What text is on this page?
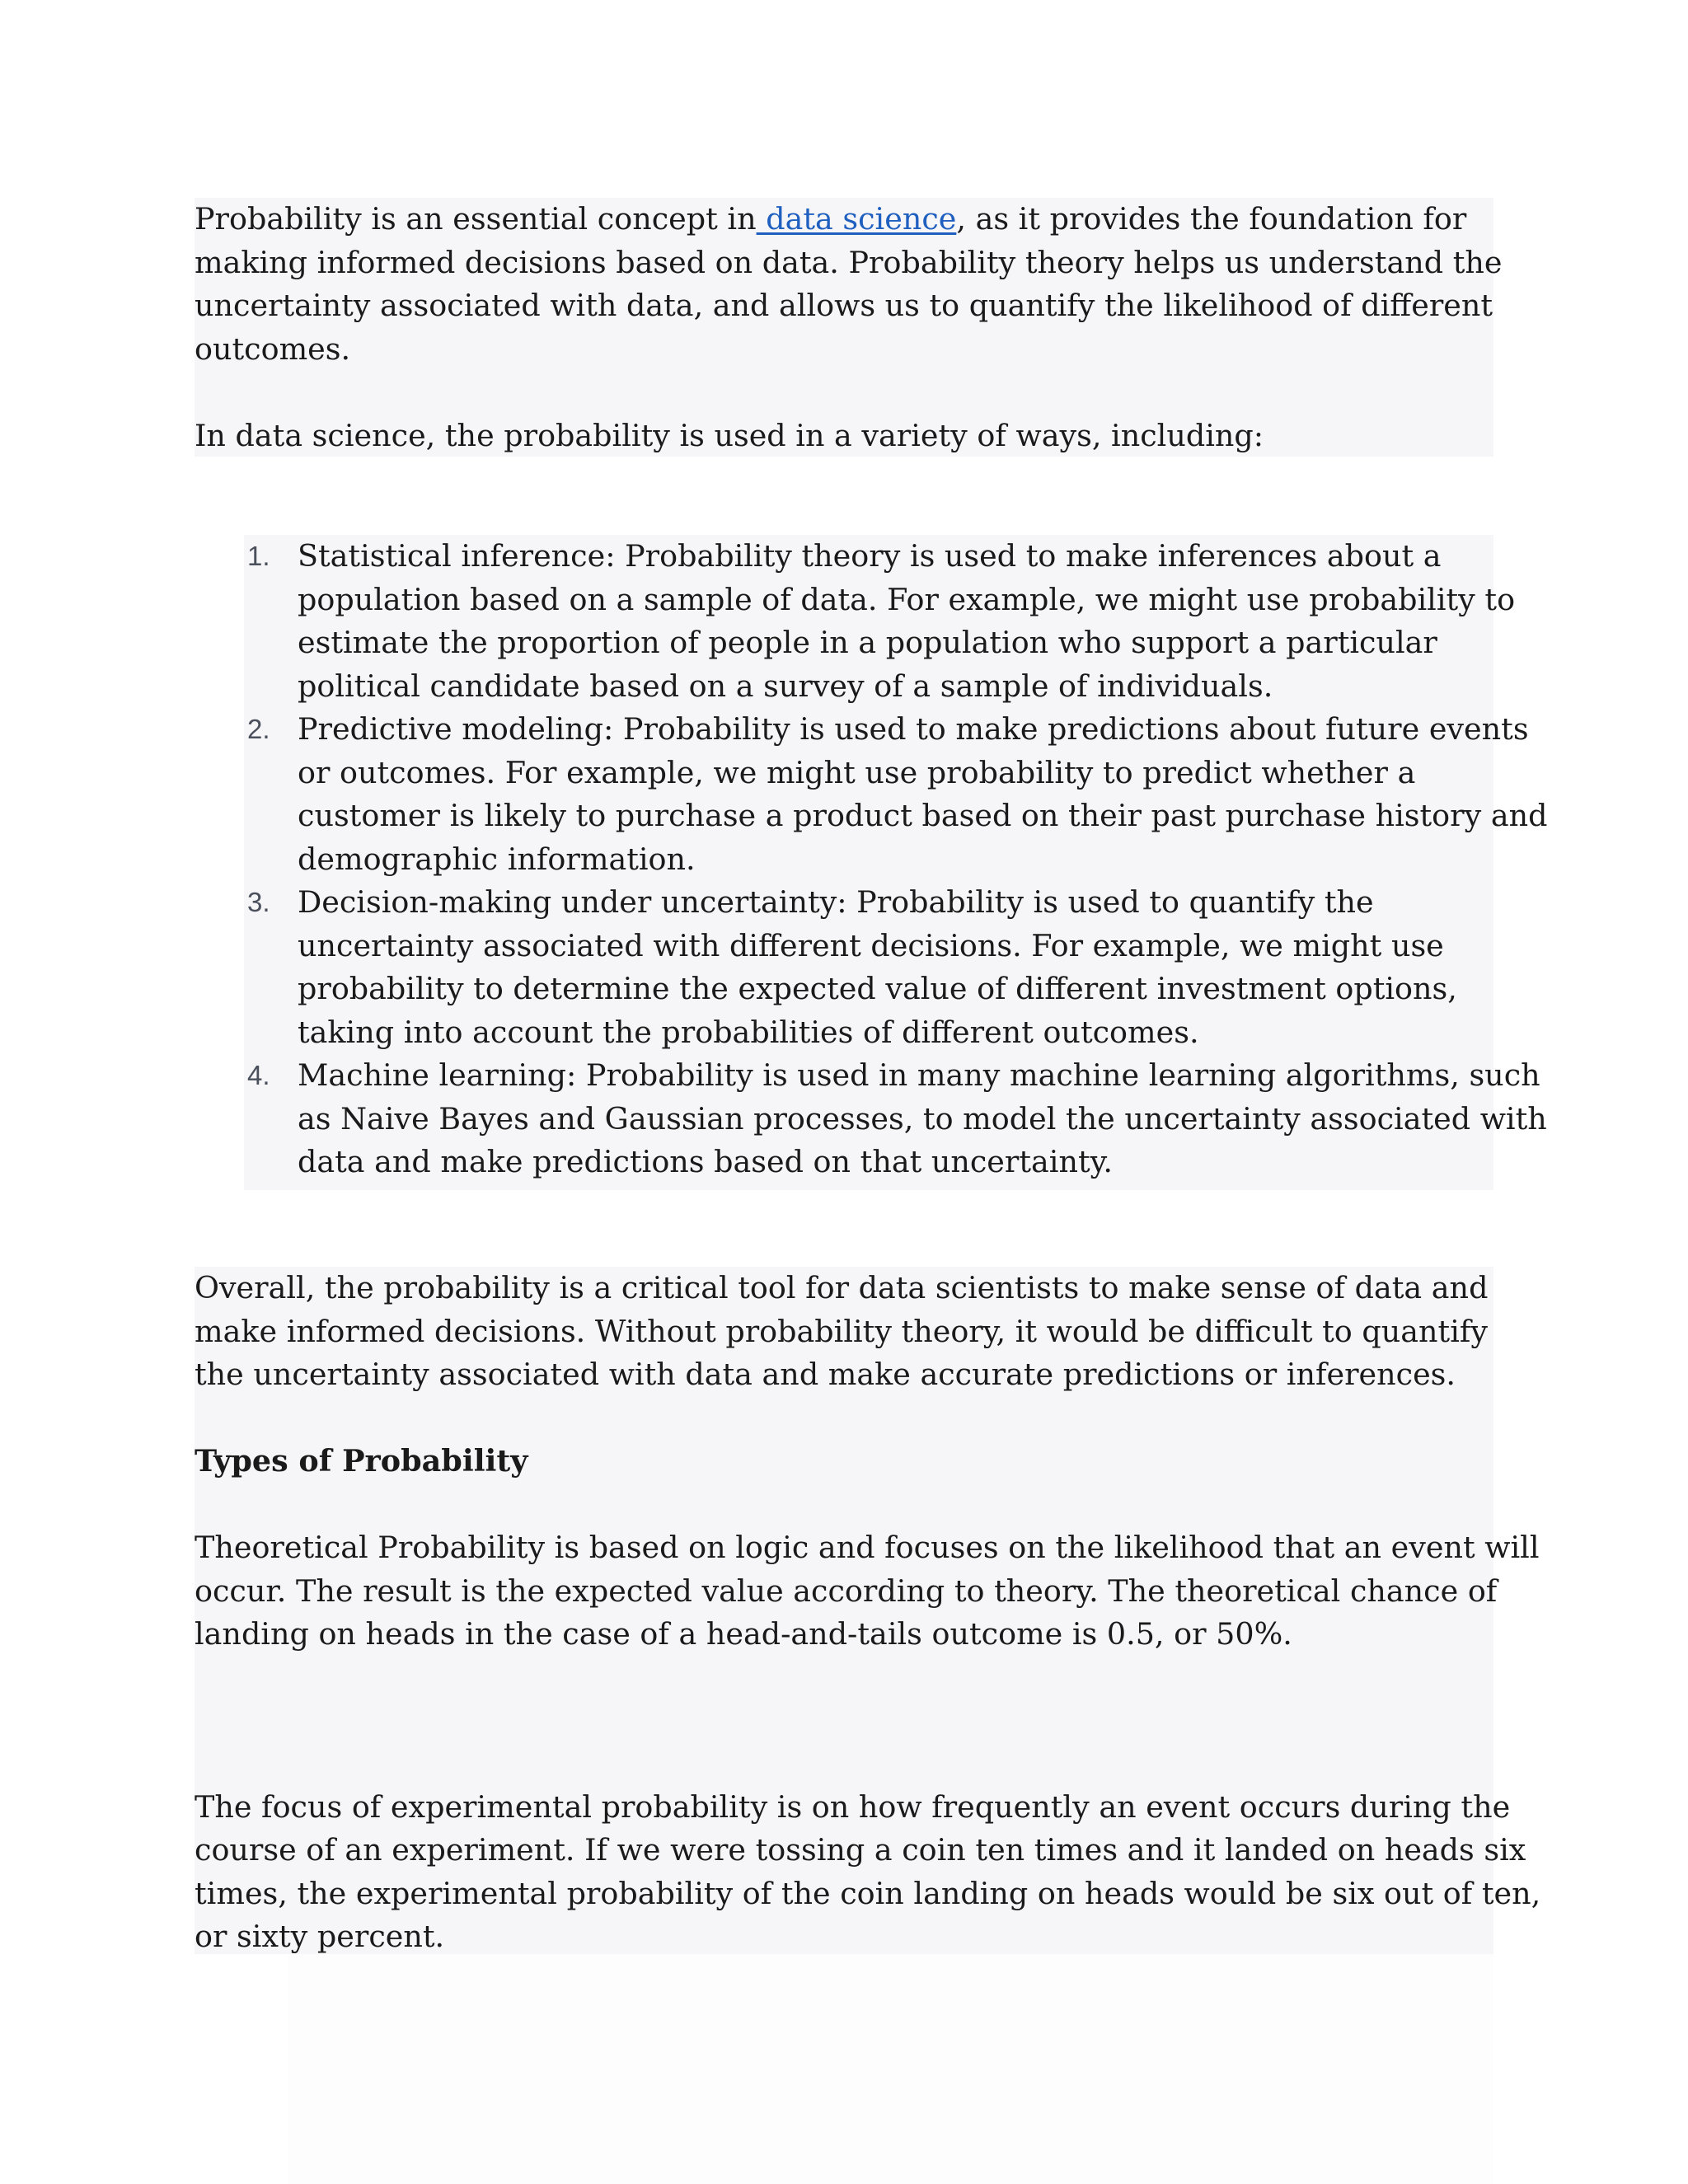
Probability is an essential concept in data science, as it provides the foundation for

making informed decisions based on data. Probability theory helps us understand the

uncertainty associated with data, and allows us to quantify the likelihood of different

outcomes.

In data science, the probability is used in a variety of ways, including:

1. Statistical inference: Probability theory is used to make inferences about a

population based on a sample of data. For example, we might use probability to

estimate the proportion of people in a population who support a particular

political candidate based on a survey of a sample of individuals.

2. Predictive modeling: Probability is used to make predictions about future events

or outcomes. For example, we might use probability to predict whether a

customer is likely to purchase a product based on their past purchase history and

demographic information.

3. Decision-making under uncertainty: Probability is used to quantify the

uncertainty associated with different decisions. For example, we might use

probability to determine the expected value of different investment options,

taking into account the probabilities of different outcomes.

4. Machine learning: Probability is used in many machine learning algorithms, such

as Naive Bayes and Gaussian processes, to model the uncertainty associated with

data and make predictions based on that uncertainty.

Overall, the probability is a critical tool for data scientists to make sense of data and

make informed decisions. Without probability theory, it would be difficult to quantify

the uncertainty associated with data and make accurate predictions or inferences.

Types of Probability

Theoretical Probability is based on logic and focuses on the likelihood that an event will

occur. The result is the expected value according to theory. The theoretical chance of

landing on heads in the case of a head-and-tails outcome is 0.5, or 50%.

The focus of experimental probability is on how frequently an event occurs during the

course of an experiment. If we were tossing a coin ten times and it landed on heads six

times, the experimental probability of the coin landing on heads would be six out of ten,

or sixty percent.
